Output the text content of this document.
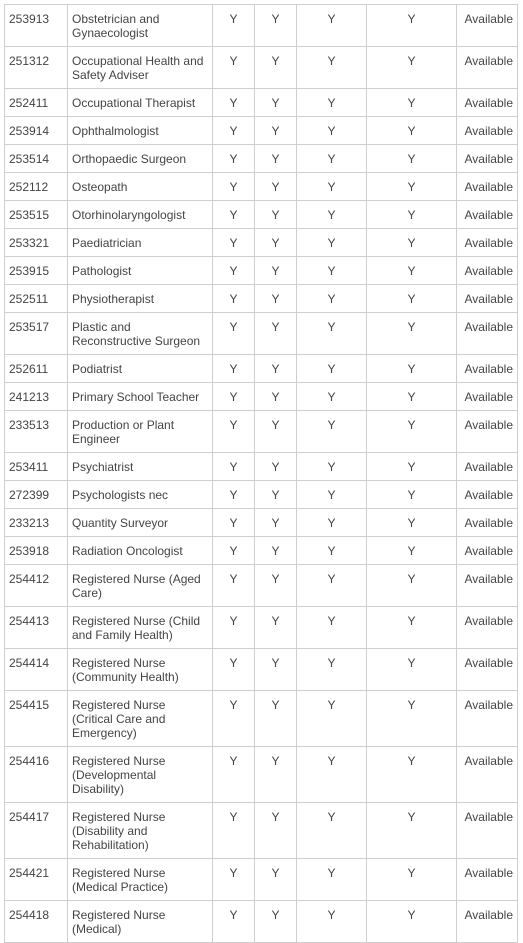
253913	Obstetrician and
Gynaecologist	Y	Y	Y	Y	Available
251312	Occupational Health and
Safety Adviser	Y	Y	Y	Y	Available
252411	Occupational Therapist	Y	Y	Y	Y	Available
253914	Ophthalmologist	Y	Y	Y	Y	Available
253514	Orthopaedic Surgeon	Y	Y	Y	Y	Available
252112	Osteopath	Y	Y	Y	Y	Available
253515	Otorhinolaryngologist	Y	Y	Y	Y	Available
253321	Paediatrician	Y	Y	Y	Y	Available
253915	Pathologist	Y	Y	Y	Y	Available
252511	Physiotherapist	Y	Y	Y	Y	Available
253517	Plastic and
Reconstructive Surgeon	Y	Y	Y	Y	Available
252611	Podiatrist	Y	Y	Y	Y	Available
241213	Primary School Teacher	Y	Y	Y	Y	Available
233513	Production or Plant
Engineer	Y	Y	Y	Y	Available
253411	Psychiatrist	Y	Y	Y	Y	Available
272399	Psychologists nec	Y	Y	Y	Y	Available
233213	Quantity Surveyor	Y	Y	Y	Y	Available
253918	Radiation Oncologist	Y	Y	Y	Y	Available
254412	Registered Nurse (Aged
Care)	Y	Y	Y	Y	Available
254413	Registered Nurse (Child
and Family Health)	Y	Y	Y	Y	Available
254414	Registered Nurse
(Community Health)	Y	Y	Y	Y	Available
254415	Registered Nurse
(Critical Care and
Emergency)	Y	Y	Y	Y	Available
254416	Registered Nurse
(Developmental
Disability)	Y	Y	Y	Y	Available
254417	Registered Nurse
(Disability and
Rehabilitation)	Y	Y	Y	Y	Available
254421	Registered Nurse
(Medical Practice)	Y	Y	Y	Y	Available
254418	Registered Nurse
(Medical)	Y	Y	Y	Y	Available
